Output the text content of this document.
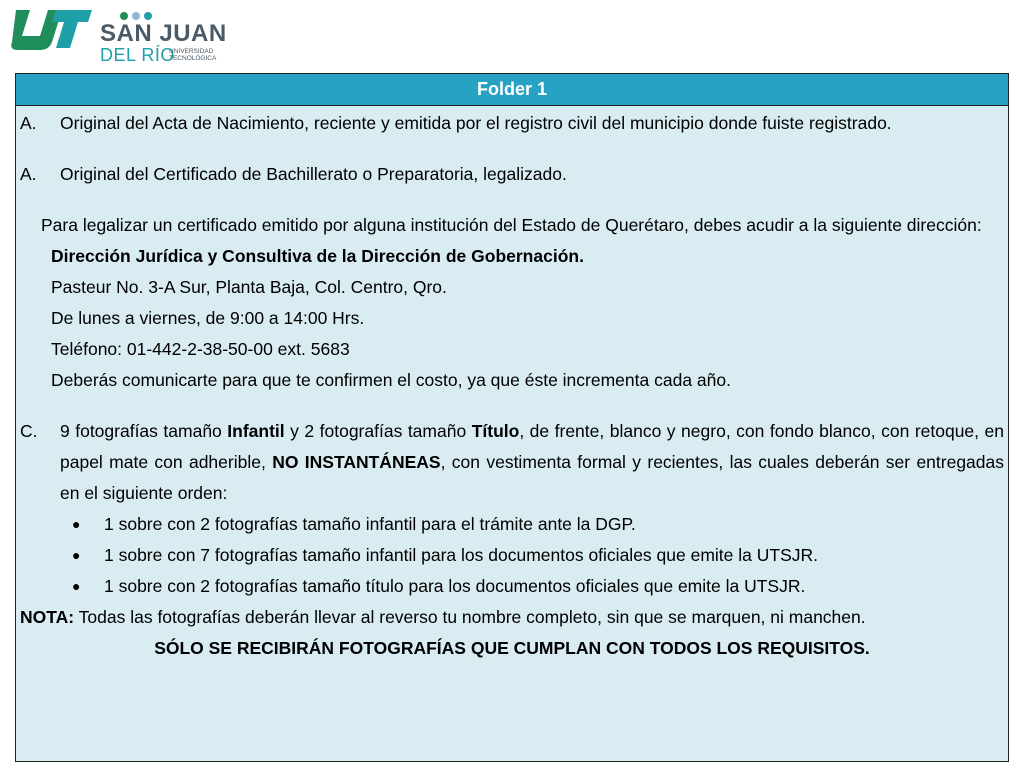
SAN JUAN
DEL RÍO
UNIVERSIDAD
TECNOLÓGICA
Folder 1
A.	Original del Acta de Nacimiento, reciente y emitida por el registro civil del municipio donde fuiste registrado.
A.	Original del Certificado de Bachillerato o Preparatoria, legalizado.
Para legalizar un certificado emitido por alguna institución del Estado de Querétaro, debes acudir a la siguiente dirección:
Dirección Jurídica y Consultiva de la Dirección de Gobernación.
Pasteur No. 3-A Sur, Planta Baja, Col. Centro, Qro.
De lunes a viernes, de 9:00 a 14:00 Hrs.
Teléfono: 01-442-2-38-50-00 ext. 5683
Deberás comunicarte para que te confirmen el costo, ya que éste incrementa cada año.
C.	9 fotografías tamaño Infantil y 2 fotografías tamaño Título, de frente, blanco y negro, con fondo blanco, con retoque, en papel mate con adherible, NO INSTANTÁNEAS, con vestimenta formal y recientes, las cuales deberán ser entregadas en el siguiente orden:
●	1 sobre con 2 fotografías tamaño infantil para el trámite ante la DGP.
●	1 sobre con 7 fotografías tamaño infantil para los documentos oficiales que emite la UTSJR.
●	1 sobre con 2 fotografías tamaño título para los documentos oficiales que emite la UTSJR.
NOTA: Todas las fotografías deberán llevar al reverso tu nombre completo, sin que se marquen, ni manchen.
SÓLO SE RECIBIRÁN FOTOGRAFÍAS QUE CUMPLAN CON TODOS LOS REQUISITOS.
